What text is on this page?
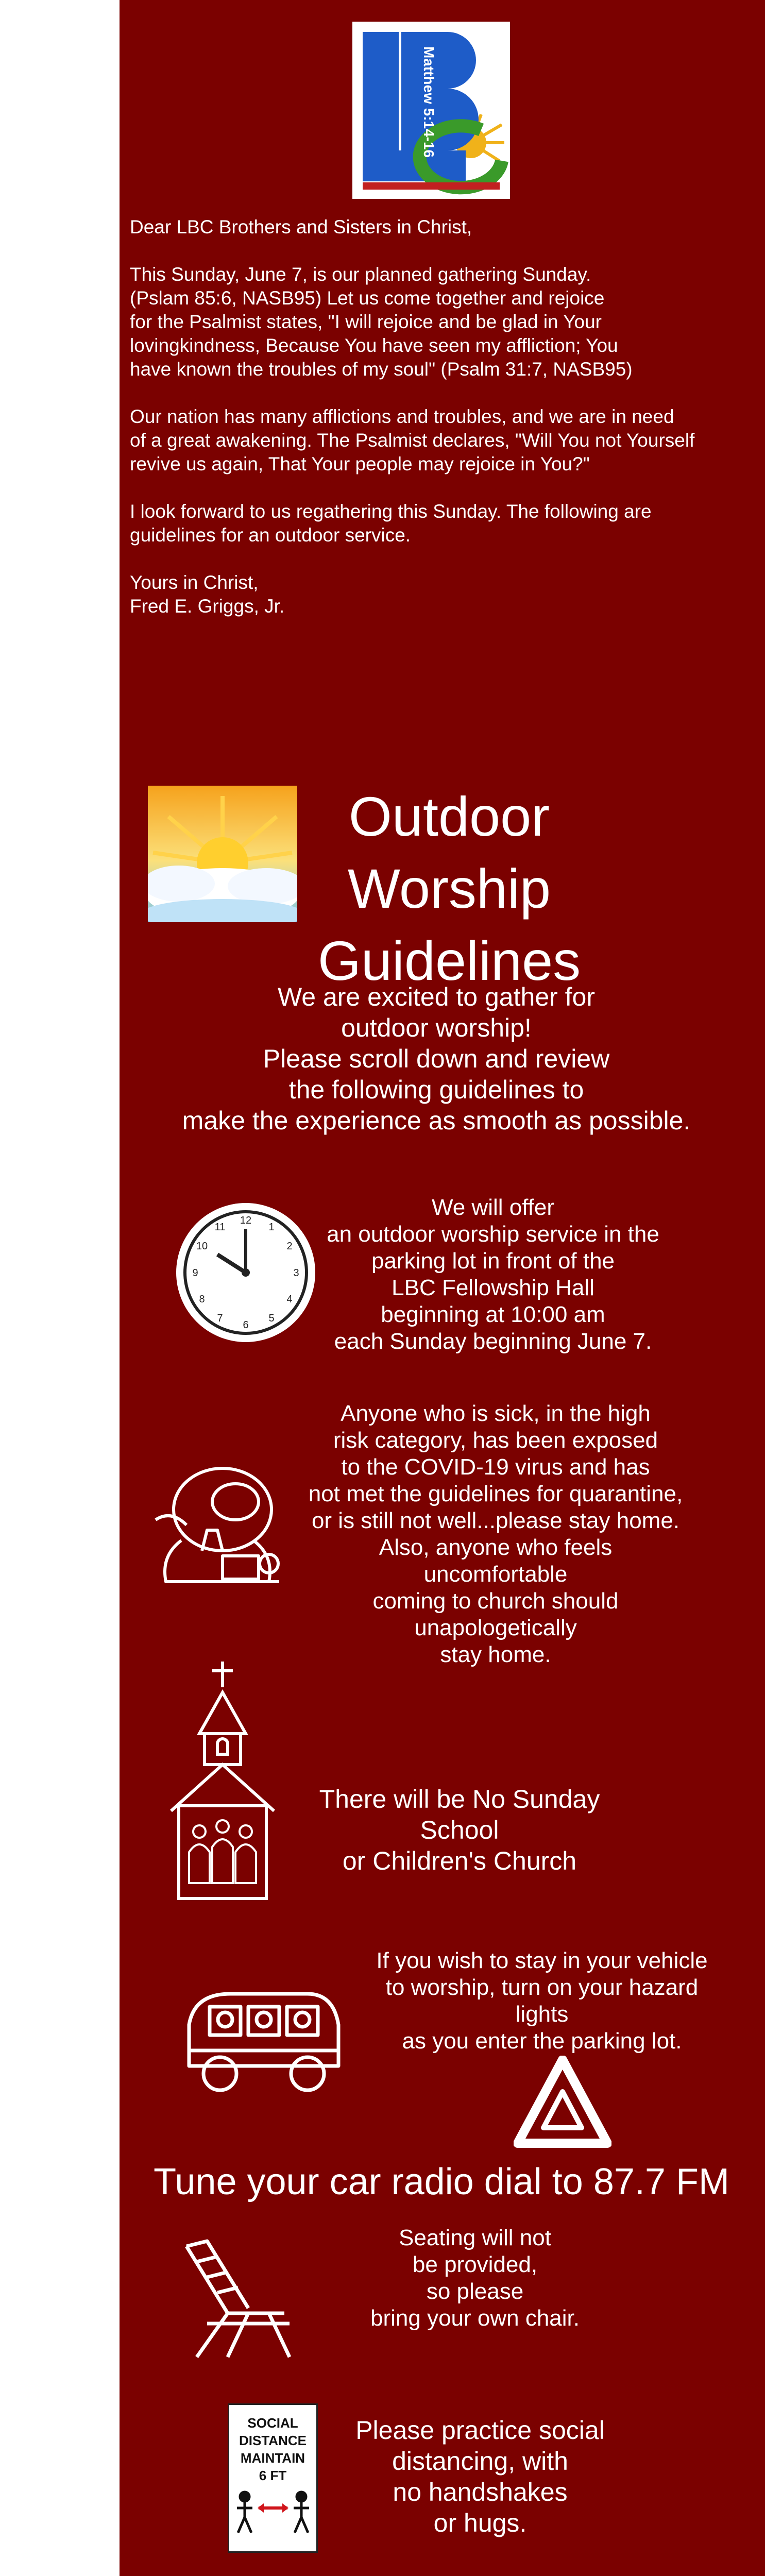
Matthew 5:14-16

Dear LBC Brothers and Sisters in Christ,

This Sunday, June 7, is our planned gathering Sunday.
(Pslam 85:6, NASB95) Let us come together and rejoice
for the Psalmist states, "I will rejoice and be glad in Your
lovingkindness, Because You have seen my affliction; You
have known the troubles of my soul" (Psalm 31:7, NASB95)

Our nation has many afflictions and troubles, and we are in need
of a great awakening. The Psalmist declares, "Will You not Yourself
revive us again, That Your people may rejoice in You?"

I look forward to us regathering this Sunday. The following are
guidelines for an outdoor service.

Yours in Christ,
Fred E. Griggs, Jr.

Outdoor Worship
Guidelines
We are excited to gather for
outdoor worship!
Please scroll down and review
the following guidelines to
make the experience as smooth as possible.
12
1
2
3
4
5
6
7
8
9
10
11
We will offer
an outdoor worship service in the
parking lot in front of the
LBC Fellowship Hall
beginning at 10:00 am
each Sunday beginning June 7.
Anyone who is sick, in the high
risk category, has been exposed
to the COVID-19 virus and has
not met the guidelines for quarantine,
or is still not well...please stay home.
Also, anyone who feels uncomfortable
coming to church should unapologetically
stay home.
There will be No Sunday School
or Children's Church
If you wish to stay in your vehicle
to worship, turn on your hazard lights
as you enter the parking lot.
Tune your car radio dial to 87.7 FM
Seating will not
be provided,
so please
bring your own chair.
SOCIAL
DISTANCE
MAINTAIN
6 FT
Please practice social
distancing, with
no handshakes
or hugs.
